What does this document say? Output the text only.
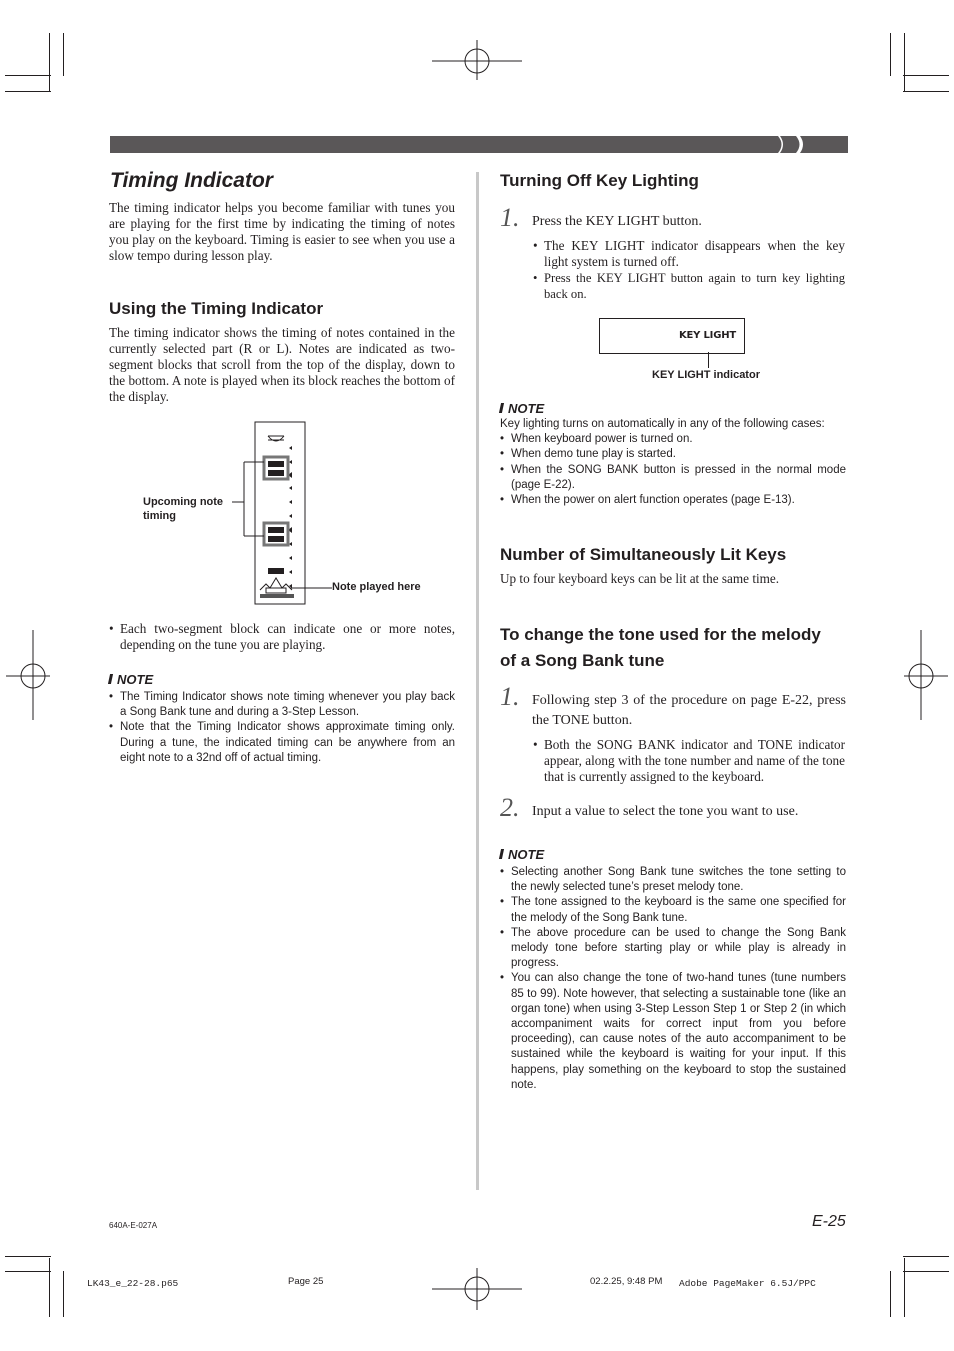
Timing Indicator
The timing indicator helps you become familiar with tunes you are playing for the first time by indicating the timing of notes you play on the keyboard. Timing is easier to see when you use a slow tempo during lesson play.
Using the Timing Indicator
The timing indicator shows the timing of notes contained in the currently selected part (R or L). Notes are indicated as two-segment blocks that scroll from the top of the display, down to the bottom. A note is played when its block reaches the bottom of the display.
Upcoming note timing
Note played here
• Each two-segment block can indicate one or more notes, depending on the tune you are playing.
NOTE
• The Timing Indicator shows note timing whenever you play back a Song Bank tune and during a 3-Step Lesson.
• Note that the Timing Indicator shows approximate timing only. During a tune, the indicated timing can be anywhere from an eight note to a 32nd off of actual timing.
Turning Off Key Lighting
1. Press the KEY LIGHT button.
• The KEY LIGHT indicator disappears when the key light system is turned off.
• Press the KEY LIGHT button again to turn key lighting back on.
KEY LIGHT
KEY LIGHT indicator
NOTE
Key lighting turns on automatically in any of the following cases:
• When keyboard power is turned on.
• When demo tune play is started.
• When the SONG BANK button is pressed in the normal mode (page E-22).
• When the power on alert function operates (page E-13).
Number of Simultaneously Lit Keys
Up to four keyboard keys can be lit at the same time.
To change the tone used for the melody
of a Song Bank tune
1. Following step 3 of the procedure on page E-22, press the TONE button.
• Both the SONG BANK indicator and TONE indicator appear, along with the tone number and name of the tone that is currently assigned to the keyboard.
2. Input a value to select the tone you want to use.
NOTE
• Selecting another Song Bank tune switches the tone setting to the newly selected tune’s preset melody tone.
• The tone assigned to the keyboard is the same one specified for the melody of the Song Bank tune.
• The above procedure can be used to change the Song Bank melody tone before starting play or while play is already in progress.
• You can also change the tone of two-hand tunes (tune numbers 85 to 99). Note however, that selecting a sustainable tone (like an organ tone) when using 3-Step Lesson Step 1 or Step 2 (in which accompaniment waits for correct input from you before proceeding), can cause notes of the auto accompaniment to be sustained while the keyboard is waiting for your input. If this happens, play something on the keyboard to stop the sustained note.
640A-E-027A	E-25
LK43_e_22-28.p65	Page 25	02.2.25, 9:48 PM Adobe PageMaker 6.5J/PPC
